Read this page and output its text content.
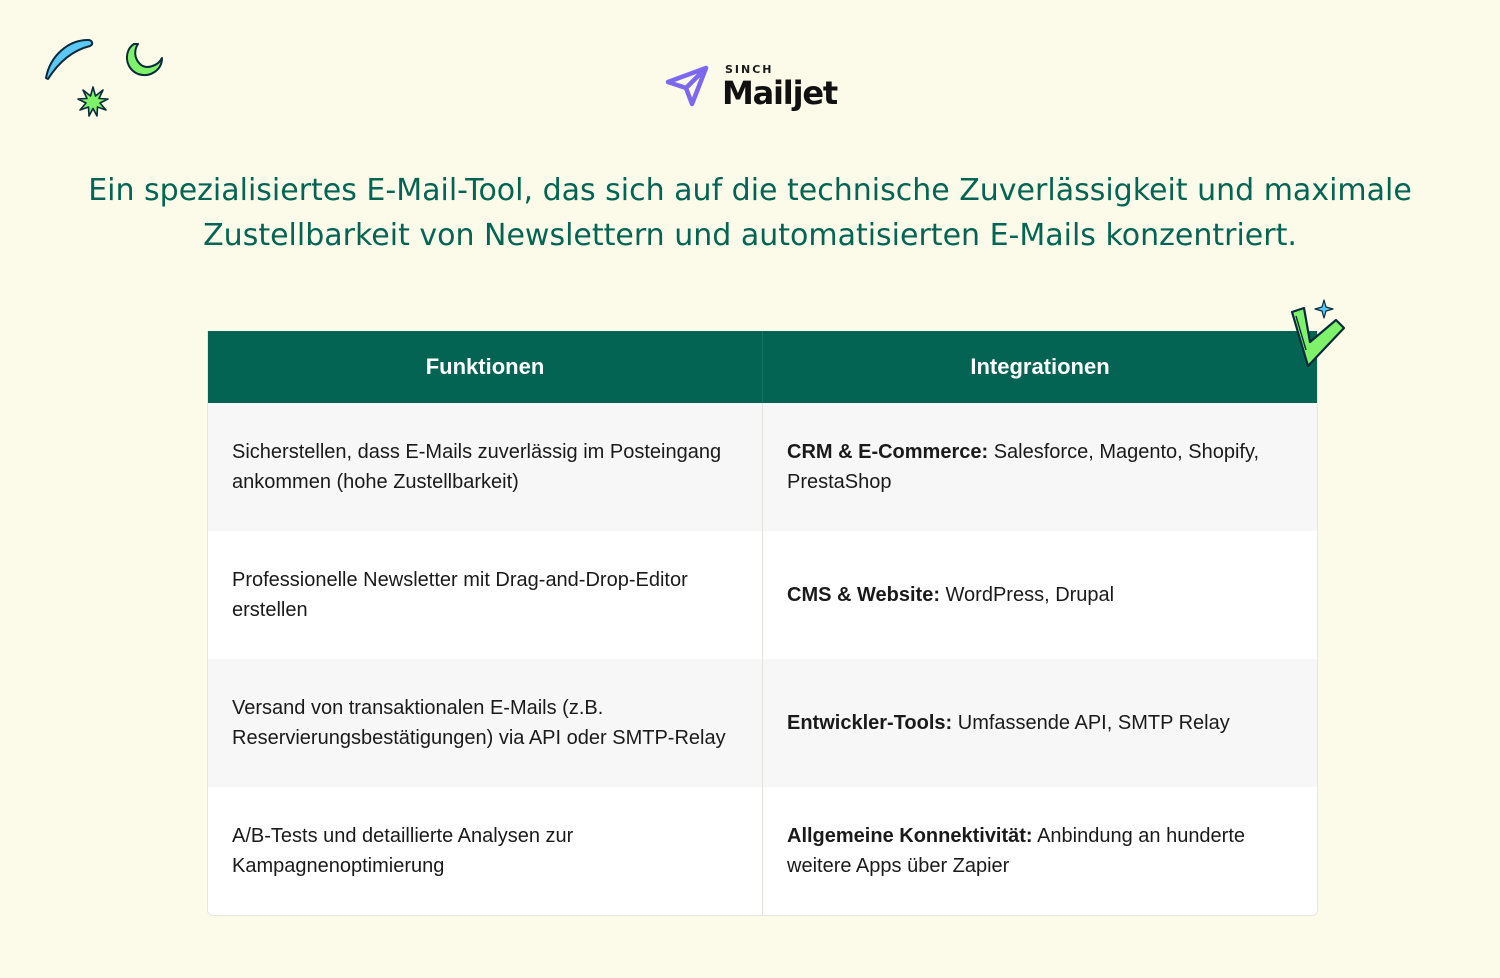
SINCH
Mailjet
Ein spezialisiertes E-Mail-Tool, das sich auf die technische Zuverlässigkeit und maximale Zustellbarkeit von Newslettern und automatisierten E-Mails konzentriert.
Funktionen	Integrationen
Sicherstellen, dass E-Mails zuverlässig im Posteingang ankommen (hohe Zustellbarkeit)	CRM & E-Commerce: Salesforce, Magento, Shopify, PrestaShop
Professionelle Newsletter mit Drag-and-Drop-Editor erstellen	CMS & Website: WordPress, Drupal
Versand von transaktionalen E-Mails (z.B. Reservierungsbestätigungen) via API oder SMTP-Relay	Entwickler-Tools: Umfassende API, SMTP Relay
A/B-Tests und detaillierte Analysen zur Kampagnenoptimierung	Allgemeine Konnektivität: Anbindung an hunderte weitere Apps über Zapier
